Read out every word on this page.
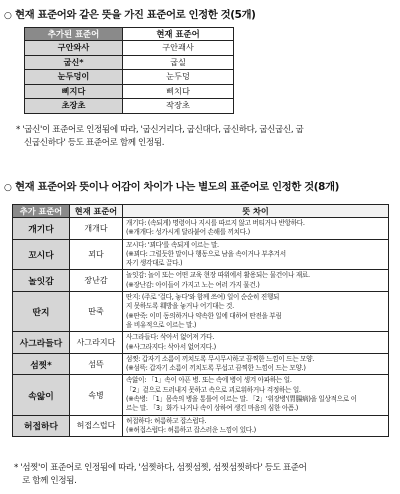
○ 현재 표준어와 같은 뜻을 가진 표준어로 인정한 것(5개)
추가된 표준어	현재 표준어
구안와사	구안괘사
굽신*	굽실
눈두덩이	눈두덩
삐지다	삐치다
초장초	작장초
* '굽신'이 표준어로 인정됨에 따라, '굽신거리다, 굽신대다, 굽신하다, 굽신굽신, 굽
신굽신하다' 등도 표준어로 함께 인정됨.
○ 현재 표준어와 뜻이나 어감이 차이가 나는 별도의 표준어로 인정한 것(8개)
추가 표준어	현재 표준어	뜻 차이
개기다	개개다	개기다: (속되게) 명령이나 지시를 따르지 않고 버티거나 반항하다.
(※개개다: 성가시게 달라붙어 손해를 끼치다.)

꼬시다	꾀다	꼬시다: '꾀다'를 속되게 이르는 말.
(※꾀다: 그럴듯한 말이나 행동으로 남을 속이거나 부추겨서
자기 생각대로 끌다.)

놀잇감	장난감	놀잇감: 놀이 또는 어떤 교육 현장 따위에서 활용되는 물건이나 재료.
(※장난감: 아이들이 가지고 노는 여러 가지 물건.)

딴지	딴죽	딴지: (주로 '걸다, 놓다'와 함께 쓰여) 일이 순순히 진행되
지 못하도록 훼방을 놓거나 어기대는 것.
(※딴죽: 이미 동의하거나 약속한 일에 대하여 딴전을 부림
을 비유적으로 이르는 말.)

사그라들다	사그라지다	사그라들다: 삭아서 없어져 가다.
(※사그라지다: 삭아서 없어지다.)

섬찟*	섬뜩	섬찟: 갑자기 소름이 끼치도록 무시무시하고 끔찍한 느낌이 드는 모양.
(※섬뜩: 갑자기 소름이 끼치도록 무섭고 끔찍한 느낌이 드는 모양.)

속앓이	속병	속앓이: 「1」속이 아픈 병. 또는 속에 병이 생겨 아파하는 일.
「2」겉으로 드러내지 못하고 속으로 괴로워하거나 걱정하는 일.
(※속병: 「1」몸속의 병을 통틀어 이르는 말. 「2」'위장병'(胃腸病)을 일상적으로 이
르는 말. 「3」화가 나거나 속이 상하여 생긴 마음의 심한 아픔.)

허접하다	허접스럽다	허접하다: 허름하고 잡스럽다.
(※허접스럽다: 허름하고 잡스러운 느낌이 있다.)
* '섬찟'이 표준어로 인정됨에 따라, '섬찟하다, 섬찟섬찟, 섬찟섬찟하다' 등도 표준어
로 함께 인정됨.
